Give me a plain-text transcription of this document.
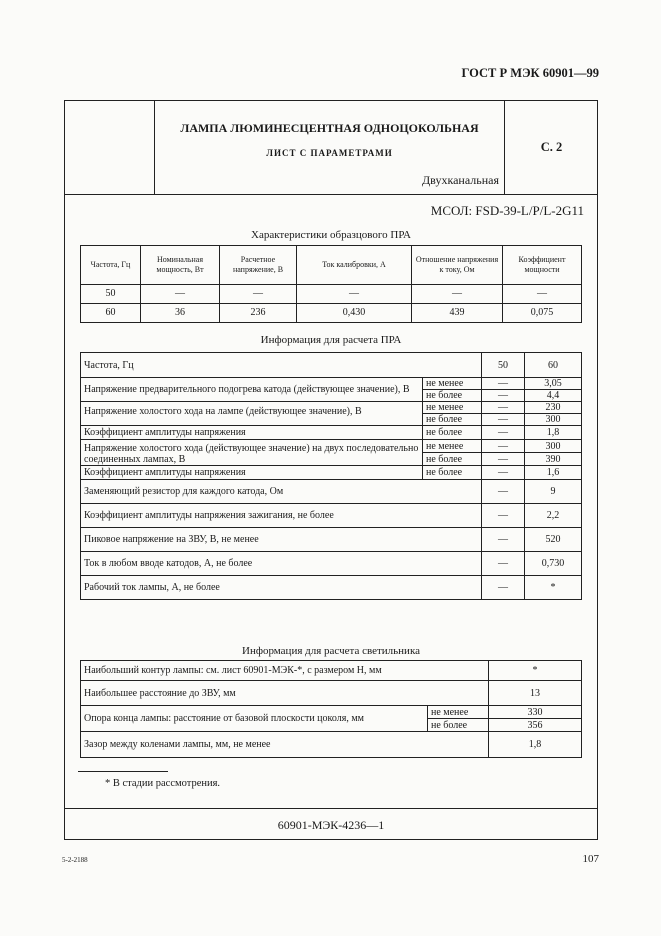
ГОСТ Р МЭК 60901—99
ЛАМПА ЛЮМИНЕСЦЕНТНАЯ ОДНОЦОКОЛЬНАЯ
ЛИСТ С ПАРАМЕТРАМИ
Двухканальная
С. 2
МСОЛ: FSD-39-L/P/L-2G11
Характеристики образцового ПРА
Частота, Гц	Номинальная мощность, Вт	Расчетное напряжение, В	Ток калибровки, А	Отношение напряжения к току, Ом	Коэффициент мощности
50	—	—	—	—	—
60	36	236	0,430	439	0,075
Информация для расчета ПРА
Частота, Гц		50	60
Напряжение предварительного подогрева катода (действующее значение), В	не менее	—	3,05
	не более	—	4,4
Напряжение холостого хода на лампе (действующее значение), В	не менее	—	230
	не более	—	300
Коэффициент амплитуды напряжения	не более	—	1,8
Напряжение холостого хода (действующее значение) на двух последовательно соединенных лампах, В	не менее	—	300
	не более	—	390
Коэффициент амплитуды напряжения	не более	—	1,6
Заменяющий резистор для каждого катода, Ом		—	9
Коэффициент амплитуды напряжения зажигания, не более		—	2,2
Пиковое напряжение на ЗВУ, В, не менее		—	520
Ток в любом вводе катодов, А, не более		—	0,730
Рабочий ток лампы, А, не более		—	*
Информация для расчета светильника
Наибольший контур лампы: см. лист 60901-МЭК-*, с размером Н, мм		*
Наибольшее расстояние до ЗВУ, мм		13
Опора конца лампы: расстояние от базовой плоскости цоколя, мм	не менее	330
	не более	356
Зазор между коленами лампы, мм, не менее		1,8
* В стадии рассмотрения.
60901-МЭК-4236—1
5-2-2188	107
